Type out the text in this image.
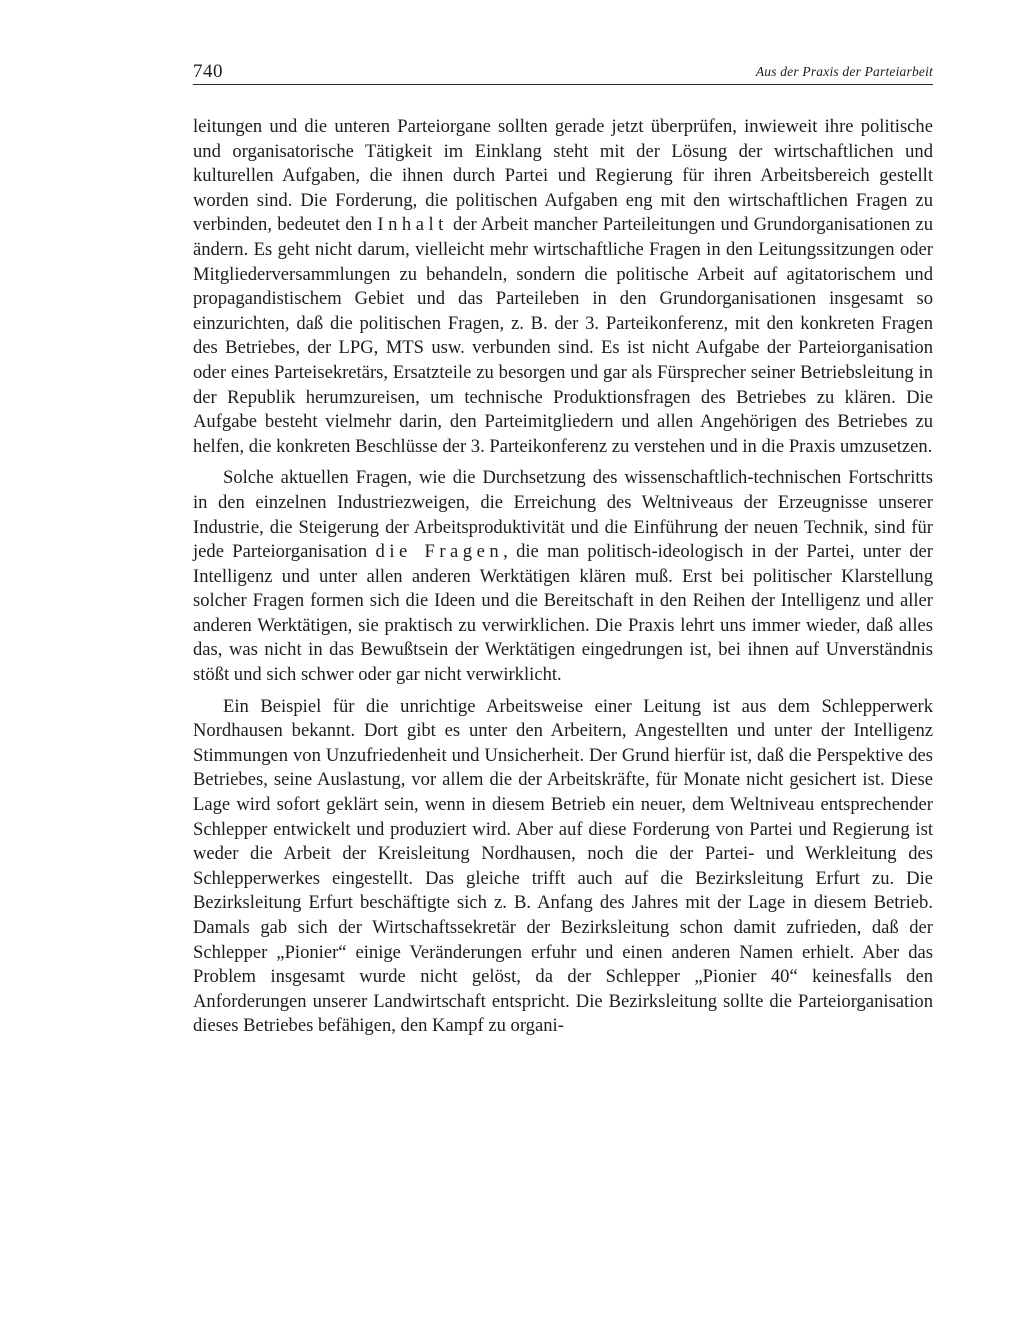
740	Aus der Praxis der Parteiarbeit

leitungen und die unteren Parteiorgane sollten gerade jetzt überprüfen, inwieweit ihre politische und organisatorische Tätigkeit im Einklang steht mit der Lösung der wirtschaftlichen und kulturellen Aufgaben, die ihnen durch Partei und Regierung für ihren Arbeitsbereich gestellt worden sind. Die Forderung, die politischen Aufgaben eng mit den wirtschaftlichen Fragen zu verbinden, bedeutet den Inhalt der Arbeit mancher Parteileitungen und Grundorganisationen zu ändern. Es geht nicht darum, vielleicht mehr wirtschaftliche Fragen in den Leitungssitzungen oder Mitgliederversammlungen zu behandeln, sondern die politische Arbeit auf agitatorischem und propagandistischem Gebiet und das Parteileben in den Grundorganisationen insgesamt so einzurichten, daß die politischen Fragen, z. B. der 3. Parteikonferenz, mit den konkreten Fragen des Betriebes, der LPG, MTS usw. verbunden sind. Es ist nicht Aufgabe der Parteiorganisation oder eines Parteisekretärs, Ersatzteile zu besorgen und gar als Fürsprecher seiner Betriebsleitung in der Republik herumzureisen, um technische Produktionsfragen des Betriebes zu klären. Die Aufgabe besteht vielmehr darin, den Parteimitgliedern und allen Angehörigen des Betriebes zu helfen, die konkreten Beschlüsse der 3. Parteikonferenz zu verstehen und in die Praxis umzusetzen.

Solche aktuellen Fragen, wie die Durchsetzung des wissenschaftlich-technischen Fortschritts in den einzelnen Industriezweigen, die Erreichung des Weltniveaus der Erzeugnisse unserer Industrie, die Steigerung der Arbeitsproduktivität und die Einführung der neuen Technik, sind für jede Parteiorganisation die Fragen, die man politisch-ideologisch in der Partei, unter der Intelligenz und unter allen anderen Werktätigen klären muß. Erst bei politischer Klarstellung solcher Fragen formen sich die Ideen und die Bereitschaft in den Reihen der Intelligenz und aller anderen Werktätigen, sie praktisch zu verwirklichen. Die Praxis lehrt uns immer wieder, daß alles das, was nicht in das Bewußtsein der Werktätigen eingedrungen ist, bei ihnen auf Unverständnis stößt und sich schwer oder gar nicht verwirklicht.

Ein Beispiel für die unrichtige Arbeitsweise einer Leitung ist aus dem Schlepperwerk Nordhausen bekannt. Dort gibt es unter den Arbeitern, Angestellten und unter der Intelligenz Stimmungen von Unzufriedenheit und Unsicherheit. Der Grund hierfür ist, daß die Perspektive des Betriebes, seine Auslastung, vor allem die der Arbeitskräfte, für Monate nicht gesichert ist. Diese Lage wird sofort geklärt sein, wenn in diesem Betrieb ein neuer, dem Weltniveau entsprechender Schlepper entwickelt und produziert wird. Aber auf diese Forderung von Partei und Regierung ist weder die Arbeit der Kreisleitung Nordhausen, noch die der Partei- und Werkleitung des Schlepperwerkes eingestellt. Das gleiche trifft auch auf die Bezirksleitung Erfurt zu. Die Bezirksleitung Erfurt beschäftigte sich z. B. Anfang des Jahres mit der Lage in diesem Betrieb. Damals gab sich der Wirtschaftssekretär der Bezirksleitung schon damit zufrieden, daß der Schlepper „Pionier“ einige Veränderungen erfuhr und einen anderen Namen erhielt. Aber das Problem insgesamt wurde nicht gelöst, da der Schlepper „Pionier 40“ keinesfalls den Anforderungen unserer Landwirtschaft entspricht. Die Bezirksleitung sollte die Parteiorganisation dieses Betriebes befähigen, den Kampf zu organi-
